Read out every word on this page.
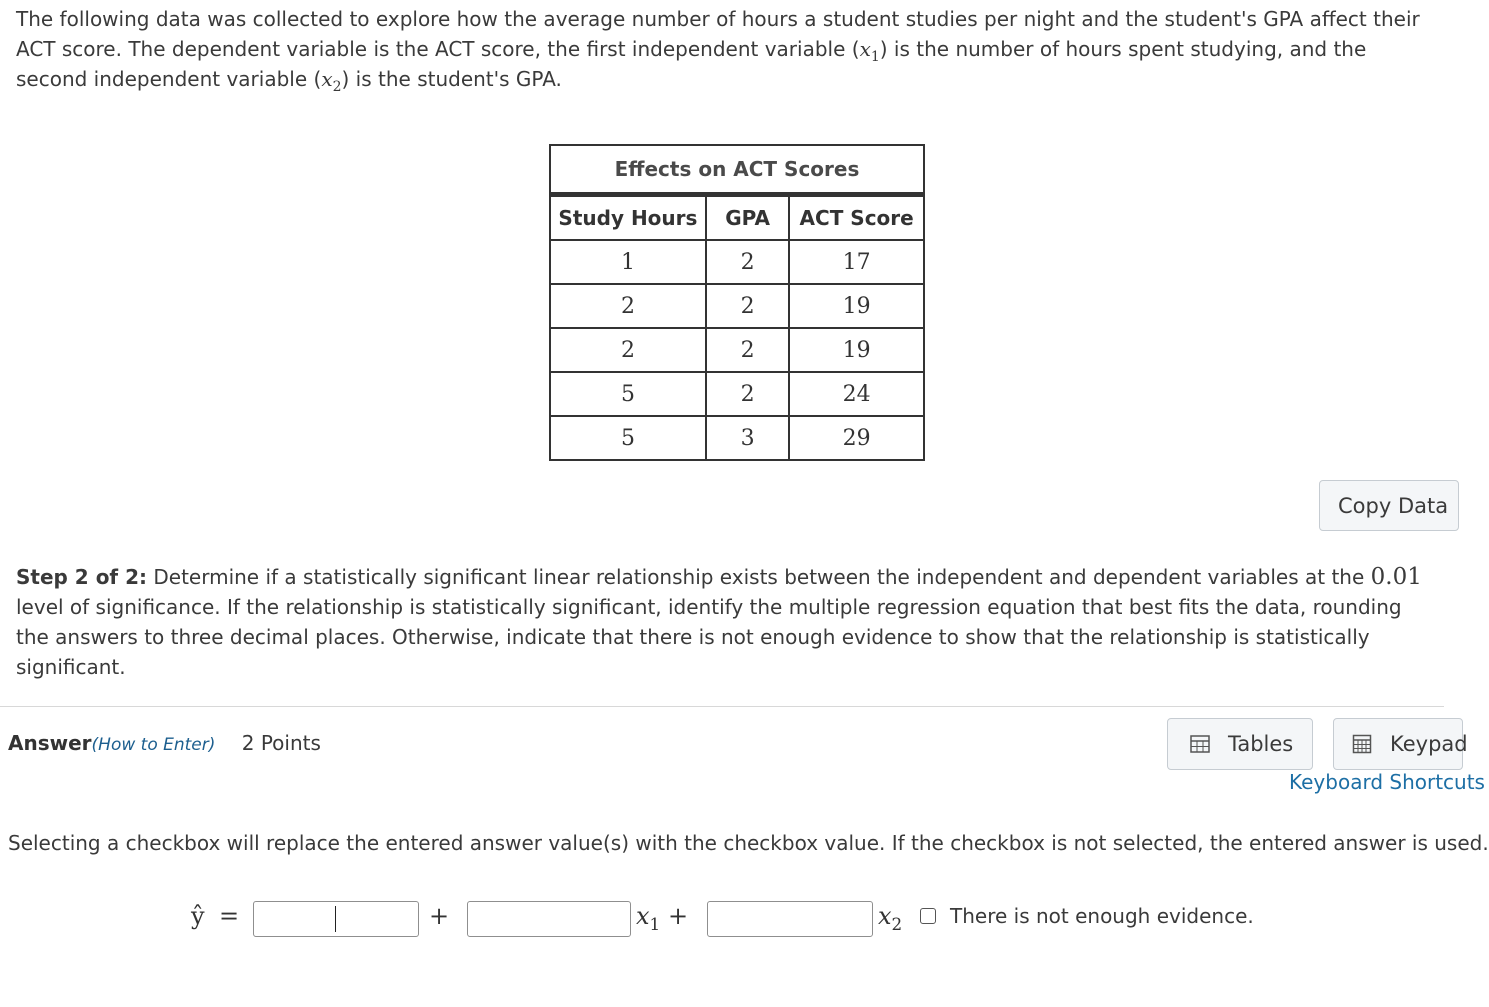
The following data was collected to explore how the average number of hours a student studies per night and the student's GPA affect their ACT score. The dependent variable is the ACT score, the first independent variable $(x_1)$ is the number of hours spent studying, and the second independent variable $(x_2)$ is the student's GPA.
Effects on ACT Scores
Study Hours	GPA	ACT Score
1	2	17
2	2	19
2	2	19
5	2	24
5	3	29
Copy Data
Step 2 of 2: Determine if a statistically significant linear relationship exists between the independent and dependent variables at the 0.01 level of significance. If the relationship is statistically significant, identify the multiple regression equation that best fits the data, rounding the answers to three decimal places. Otherwise, indicate that there is not enough evidence to show that the relationship is statistically significant.
Answer(How to Enter) 2 Points	Tables	Keypad
Keyboard Shortcuts
Selecting a checkbox will replace the entered answer value(s) with the checkbox value. If the checkbox is not selected, the entered answer is used.
ŷ =	+	$x_1$ +	$x_2$ There is not enough evidence.
